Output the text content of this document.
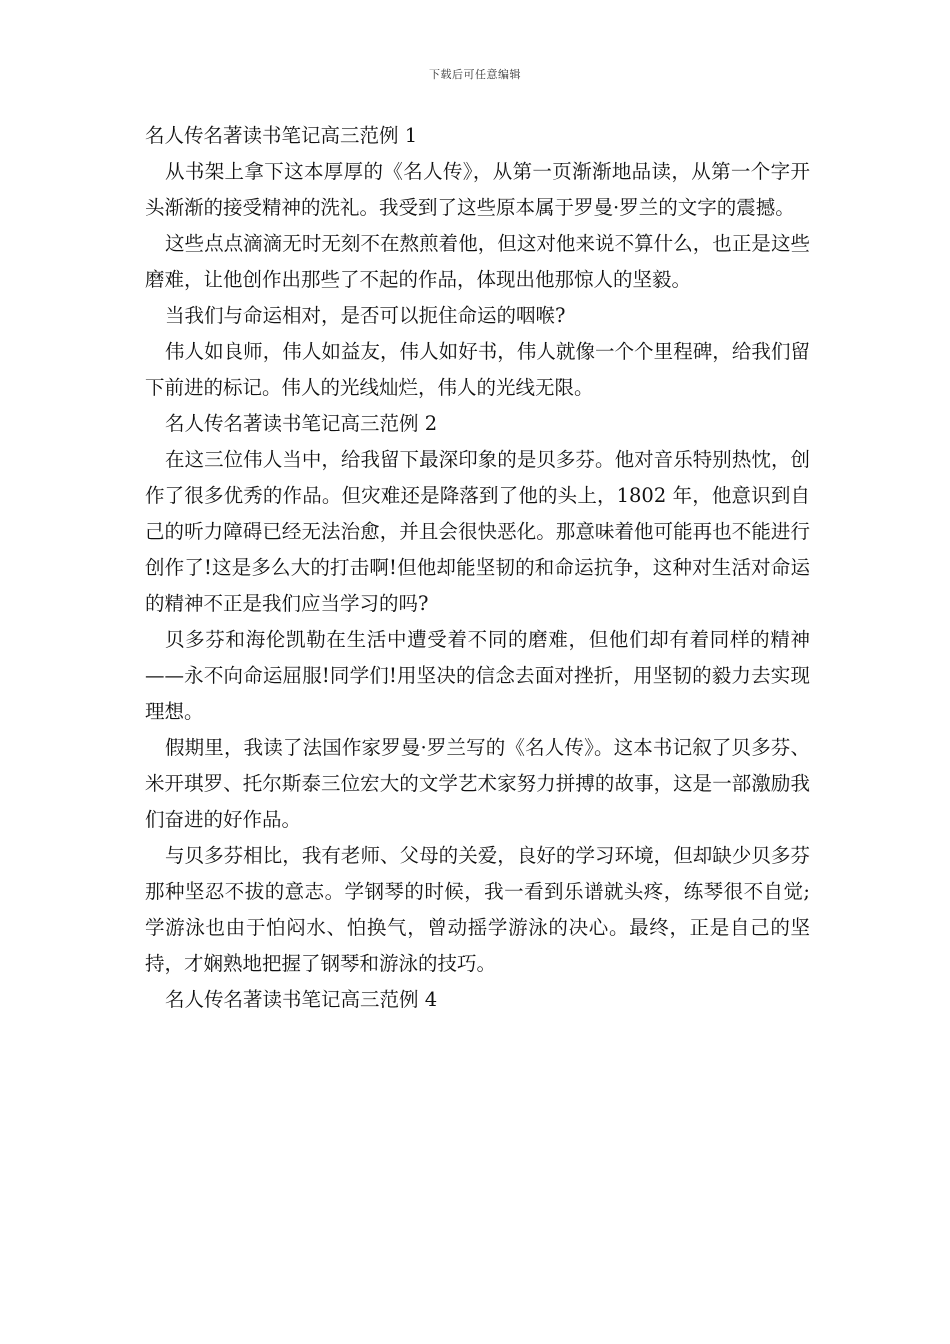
下载后可任意编辑
名人传名著读书笔记高三范例 1

从书架上拿下这本厚厚的《名人传》，从第一页渐渐地品读，从第一个字开头渐渐的接受精神的洗礼。我受到了这些原本属于罗曼·罗兰的文字的震撼。

这些点点滴滴无时无刻不在熬煎着他，但这对他来说不算什么，也正是这些磨难，让他创作出那些了不起的作品，体现出他那惊人的坚毅。

当我们与命运相对，是否可以扼住命运的咽喉?

伟人如良师，伟人如益友，伟人如好书，伟人就像一个个里程碑，给我们留下前进的标记。伟人的光线灿烂，伟人的光线无限。

名人传名著读书笔记高三范例 2

在这三位伟人当中，给我留下最深印象的是贝多芬。他对音乐特别热忱，创作了很多优秀的作品。但灾难还是降落到了他的头上，1802 年，他意识到自己的听力障碍已经无法治愈，并且会很快恶化。那意味着他可能再也不能进行创作了!这是多么大的打击啊!但他却能坚韧的和命运抗争，这种对生活对命运的精神不正是我们应当学习的吗?

贝多芬和海伦凯勒在生活中遭受着不同的磨难，但他们却有着同样的精神——永不向命运屈服!同学们!用坚决的信念去面对挫折，用坚韧的毅力去实现理想。

假期里，我读了法国作家罗曼·罗兰写的《名人传》。这本书记叙了贝多芬、米开琪罗、托尔斯泰三位宏大的文学艺术家努力拼搏的故事，这是一部激励我们奋进的好作品。

与贝多芬相比，我有老师、父母的关爱，良好的学习环境，但却缺少贝多芬那种坚忍不拔的意志。学钢琴的时候，我一看到乐谱就头疼，练琴很不自觉;学游泳也由于怕闷水、怕换气，曾动摇学游泳的决心。最终，正是自己的坚持，才娴熟地把握了钢琴和游泳的技巧。

名人传名著读书笔记高三范例 4
